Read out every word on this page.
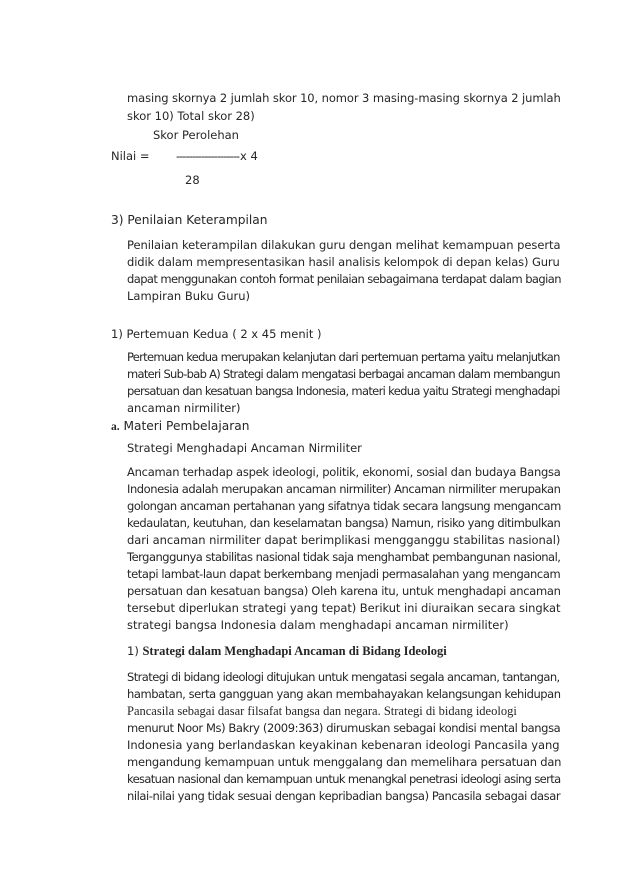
masing skornya 2 jumlah skor 10, nomor 3 masing-masing skornya 2 jumlah
skor 10) Total skor 28)
Skor Perolehan
Nilai = -------------------- x 4
28
3) Penilaian Keterampilan
Penilaian keterampilan dilakukan guru dengan melihat kemampuan peserta
didik dalam mempresentasikan hasil analisis kelompok di depan kelas) Guru
dapat menggunakan contoh format penilaian sebagaimana terdapat dalam bagian
Lampiran Buku Guru)
1) Pertemuan Kedua ( 2 x 45 menit )
Pertemuan kedua merupakan kelanjutan dari pertemuan pertama yaitu melanjutkan
materi Sub-bab A) Strategi dalam mengatasi berbagai ancaman dalam membangun
persatuan dan kesatuan bangsa Indonesia, materi kedua yaitu Strategi menghadapi
ancaman nirmiliter)
a. Materi Pembelajaran
Strategi Menghadapi Ancaman Nirmiliter
Ancaman terhadap aspek ideologi, politik, ekonomi, sosial dan budaya Bangsa
Indonesia adalah merupakan ancaman nirmiliter) Ancaman nirmiliter merupakan
golongan ancaman pertahanan yang sifatnya tidak secara langsung mengancam
kedaulatan, keutuhan, dan keselamatan bangsa) Namun, risiko yang ditimbulkan
dari ancaman nirmiliter dapat berimplikasi mengganggu stabilitas nasional)
Terganggunya stabilitas nasional tidak saja menghambat pembangunan nasional,
tetapi lambat-laun dapat berkembang menjadi permasalahan yang mengancam
persatuan dan kesatuan bangsa) Oleh karena itu, untuk menghadapi ancaman
tersebut diperlukan strategi yang tepat) Berikut ini diuraikan secara singkat
strategi bangsa Indonesia dalam menghadapi ancaman nirmiliter)
1) Strategi dalam Menghadapi Ancaman di Bidang Ideologi
Strategi di bidang ideologi ditujukan untuk mengatasi segala ancaman, tantangan,
hambatan, serta gangguan yang akan membahayakan kelangsungan kehidupan
Pancasila sebagai dasar filsafat bangsa dan negara. Strategi di bidang ideologi
menurut Noor Ms) Bakry (2009:363) dirumuskan sebagai kondisi mental bangsa
Indonesia yang berlandaskan keyakinan kebenaran ideologi Pancasila yang
mengandung kemampuan untuk menggalang dan memelihara persatuan dan
kesatuan nasional dan kemampuan untuk menangkal penetrasi ideologi asing serta
nilai-nilai yang tidak sesuai dengan kepribadian bangsa) Pancasila sebagai dasar
